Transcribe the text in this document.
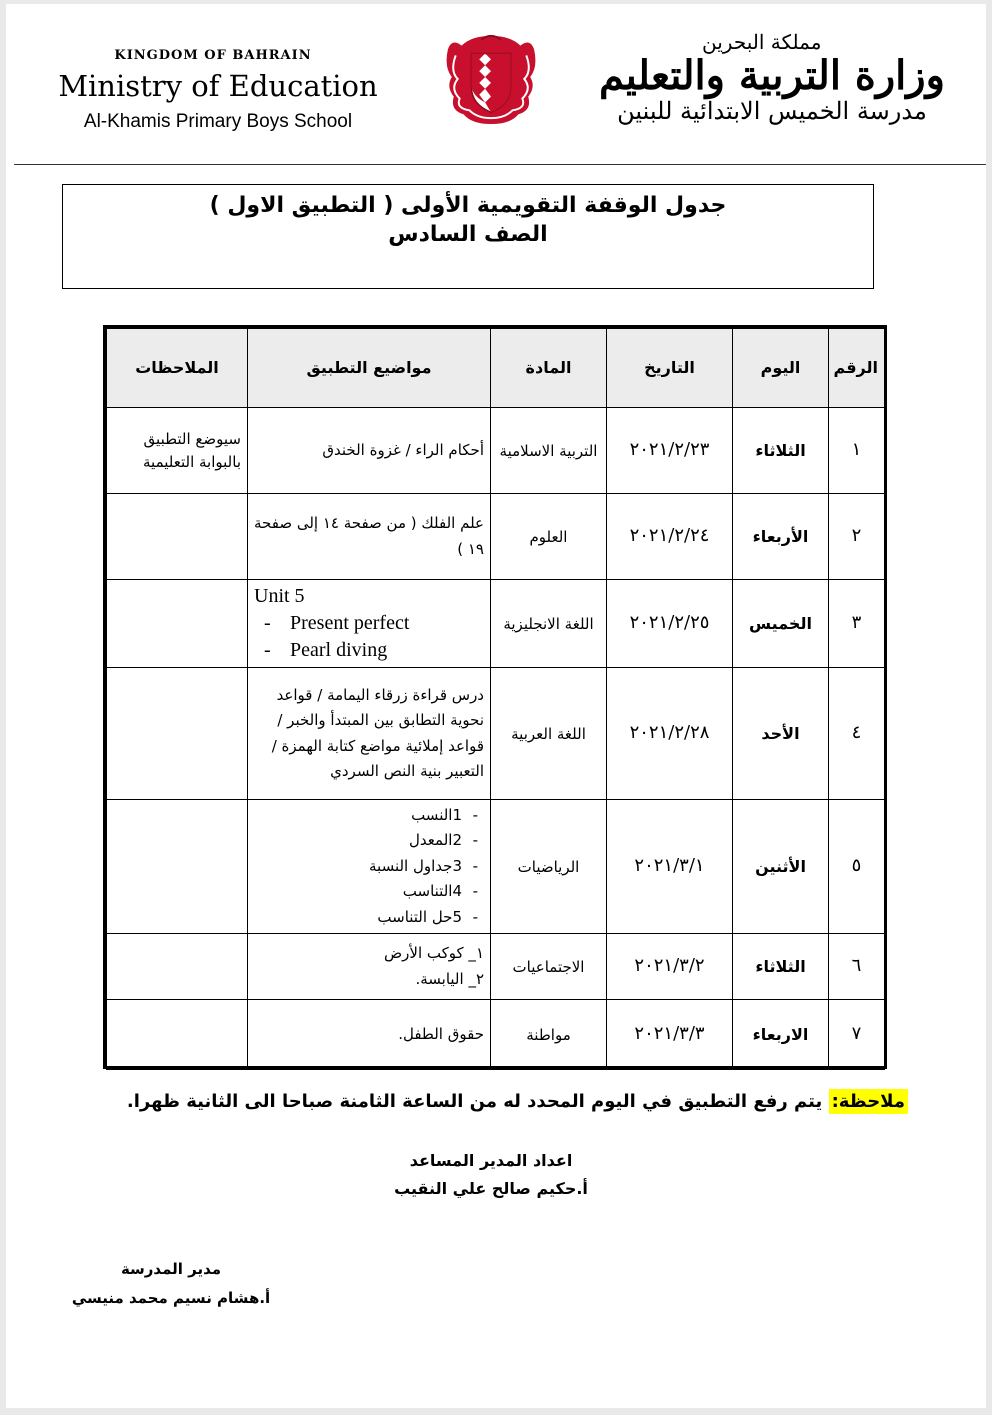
KINGDOM OF BAHRAIN
Ministry of Education
Al-Khamis Primary Boys School
مملكة البحرين
وزارة التربية والتعليم
مدرسة الخميس الابتدائية للبنين
جدول الوقفة التقويمية الأولى ( التطبيق الاول )
الصف السادس
الرقم	اليوم	التاريخ	المادة	مواضيع التطبيق	الملاحظات
١	الثلاثاء	٢٠٢١/٢/٢٣	التربية الاسلامية	أحكام الراء / غزوة الخندق	سيوضع التطبيق بالبوابة التعليمية
٢	الأربعاء	٢٠٢١/٢/٢٤	العلوم	علم الفلك ( من صفحة ١٤ إلى صفحة ١٩ )	
٣	الخميس	٢٠٢١/٢/٢٥	اللغة الانجليزية	Unit 5
- Present perfect
- Pearl diving

٤	الأحد	٢٠٢١/٢/٢٨	اللغة العربية	درس قراءة زرقاء اليمامة / قواعد نحوية التطابق بين المبتدأ والخبر / قواعد إملائية مواضع كتابة الهمزة / التعبير بنية النص السردي	
٥	الأثنين	٢٠٢١/٣/١	الرياضيات	- 1النسب
- 2المعدل
- 3جداول النسبة
- 4التناسب
- 5حل التناسب

٦	الثلاثاء	٢٠٢١/٣/٢	الاجتماعيات	١_ كوكب الأرض
٢_ اليابسة.	

٧	الاربعاء	٢٠٢١/٣/٣	مواطنة	حقوق الطفل.	
ملاحظة: يتم رفع التطبيق في اليوم المحدد له من الساعة الثامنة صباحا الى الثانية ظهرا.
اعداد المدير المساعد
أ.حكيم صالح علي النقيب
مدير المدرسة
أ.هشام نسيم محمد منيسي
